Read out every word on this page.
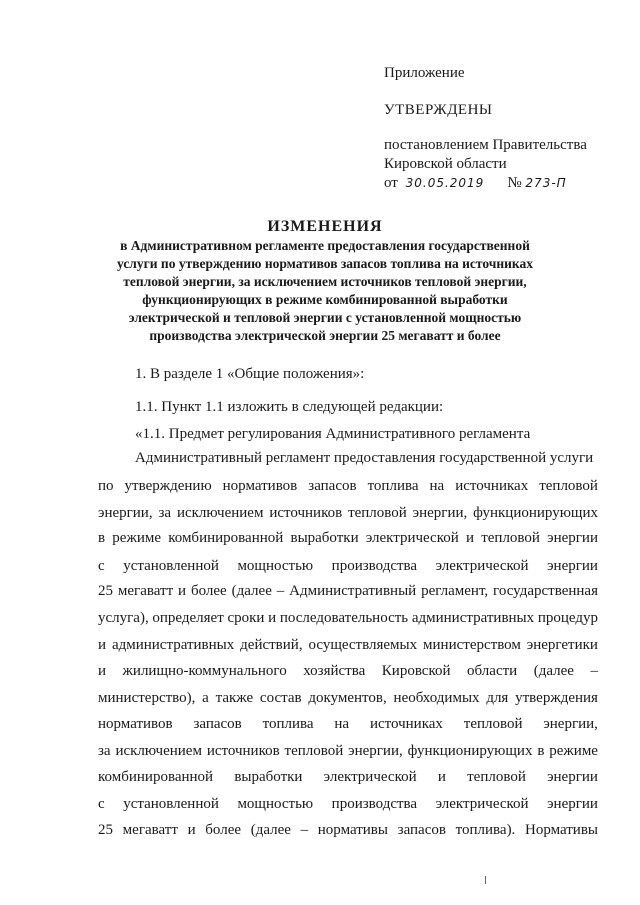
Приложение
УТВЕРЖДЕНЫ
постановлением Правительства
Кировской области
от 30.05.2019 № 273-П
ИЗМЕНЕНИЯ
в Административном регламенте предоставления государственной
услуги по утверждению нормативов запасов топлива на источниках
тепловой энергии, за исключением источников тепловой энергии,
функционирующих в режиме комбинированной выработки
электрической и тепловой энергии с установленной мощностью
производства электрической энергии 25 мегаватт и более
1. В разделе 1 «Общие положения»:
1.1. Пункт 1.1 изложить в следующей редакции:
«1.1. Предмет регулирования Административного регламента
Административный регламент предоставления государственной услуги
по утверждению нормативов запасов топлива на источниках тепловой
энергии, за исключением источников тепловой энергии, функционирующих
в режиме комбинированной выработки электрической и тепловой энергии
с установленной мощностью производства электрической энергии
25 мегаватт и более (далее – Административный регламент, государственная
услуга), определяет сроки и последовательность административных процедур
и административных действий, осуществляемых министерством энергетики
и жилищно-коммунального хозяйства Кировской области (далее –
министерство), а также состав документов, необходимых для утверждения
нормативов запасов топлива на источниках тепловой энергии,
за исключением источников тепловой энергии, функционирующих в режиме
комбинированной выработки электрической и тепловой энергии
с установленной мощностью производства электрической энергии
25 мегаватт и более (далее – нормативы запасов топлива). Нормативы
